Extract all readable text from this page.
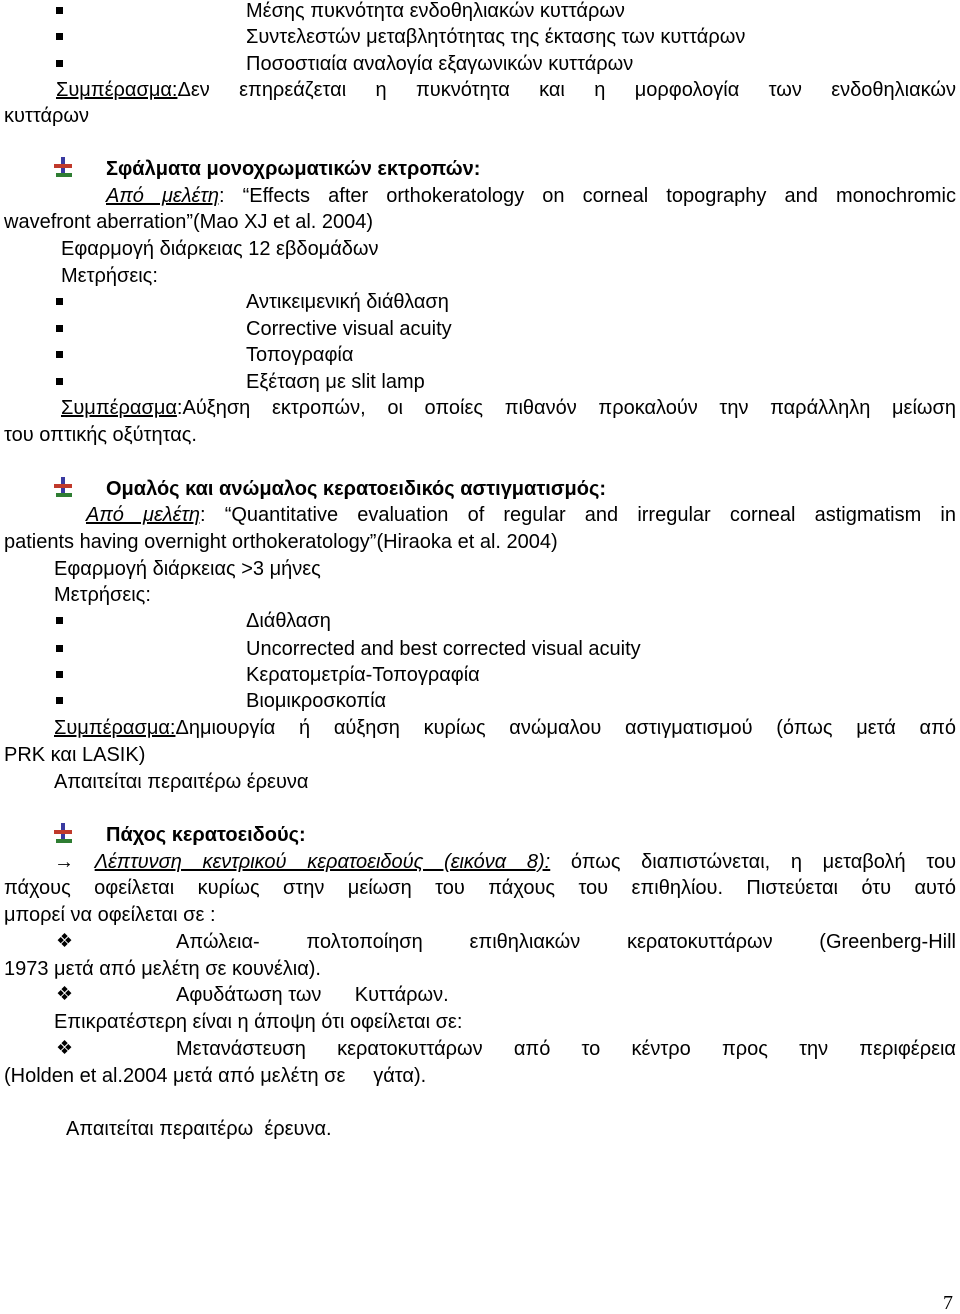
Μέσης πυκνότητα ενδοθηλιακών κυττάρων
Συντελεστών μεταβλητότητας της έκτασης των κυττάρων
Ποσοστιαία αναλογία εξαγωνικών κυττάρων
Συμπέρασμα:Δεν επηρεάζεται η πυκνότητα και η μορφολογία των ενδοθηλιακών
κυττάρων
Σφάλματα μονοχρωματικών εκτροπών:
Από μελέτη: “Effects after orthokeratology on corneal topography and monochromic
wavefront aberration”(Mao XJ et al. 2004)
Εφαρμογή διάρκειας 12 εβδομάδων
Μετρήσεις:
Αντικειμενική διάθλαση
Corrective visual acuity
Τοπογραφία
Εξέταση με slit lamp
Συμπέρασμα:Αύξηση εκτροπών, οι οποίες πιθανόν προκαλούν την παράλληλη μείωση
του οπτικής οξύτητας.
Ομαλός και ανώμαλος κερατοειδικός αστιγματισμός:
Από μελέτη: “Quantitative evaluation of regular and irregular corneal astigmatism in
patients having overnight orthokeratology”(Hiraoka et al. 2004)
Εφαρμογή διάρκειας >3 μήνες
Μετρήσεις:
Διάθλαση
Uncorrected and best corrected visual acuity
Κερατομετρία-Τοπογραφία
Βιομικροσκοπία
Συμπέρασμα:Δημιουργία ή αύξηση κυρίως ανώμαλου αστιγματισμού (όπως μετά από
PRK και LASIK)
Απαιτείται περαιτέρω έρευνα
Πάχος κερατοειδούς:
→ Λέπτυνση κεντρικού κερατοειδούς (εικόνα 8): όπως διαπιστώνεται, η μεταβολή του
πάχους οφείλεται κυρίως στην μείωση του πάχους του επιθηλίου. Πιστεύεται ότυ αυτό
μπορεί να οφείλεται σε :
❖	Απώλεια- πολτοποίηση επιθηλιακών κερατοκυττάρων (Greenberg-Hill
1973 μετά από μελέτη σε κουνέλια).
❖	Αφυδάτωση των      Κυττάρων.
Επικρατέστερη είναι η άποψη ότι οφείλεται σε:
❖	Μετανάστευση κερατοκυττάρων από το κέντρο προς την περιφέρεια
(Holden et al.2004 μετά από μελέτη σε     γάτα).
Απαιτείται περαιτέρω  έρευνα.
7
